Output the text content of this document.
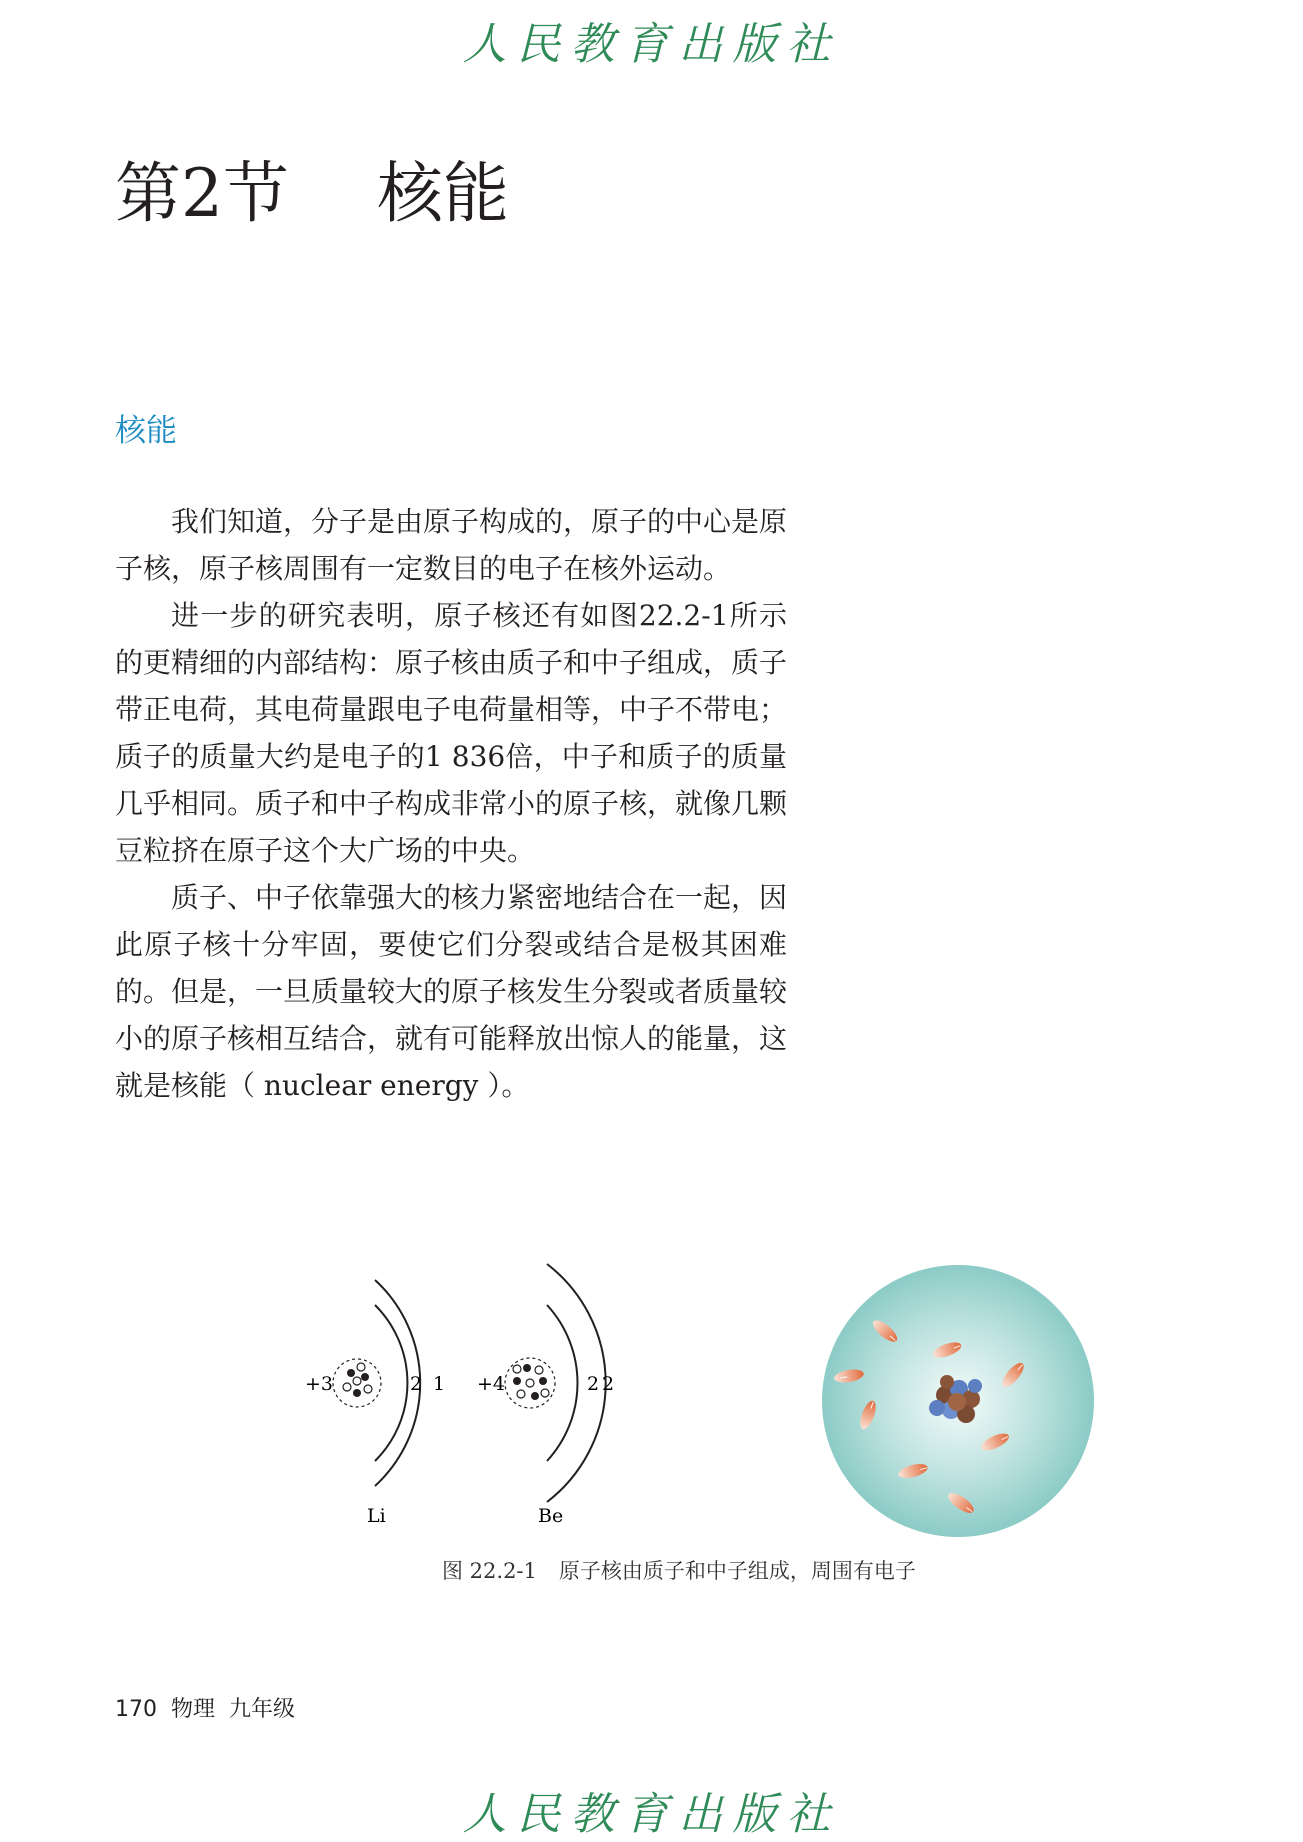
人民教育出版社
第2节 核能
核能

我们知道，分子是由原子构成的，原子的中心是原子核，原子核周围有一定数目的电子在核外运动。

进一步的研究表明，原子核还有如图22.2-1所示的更精细的内部结构：原子核由质子和中子组成，质子带正电荷，其电荷量跟电子电荷量相等，中子不带电；质子的质量大约是电子的1 836倍，中子和质子的质量几乎相同。质子和中子构成非常小的原子核，就像几颗豆粒挤在原子这个大广场的中央。

质子、中子依靠强大的核力紧密地结合在一起，因此原子核十分牢固，要使它们分裂或结合是极其困难的。但是，一旦质量较大的原子核发生分裂或者质量较小的原子核相互结合，就有可能释放出惊人的能量，这就是核能（ nuclear energy ）。

+3	2 1
Li
+4	2 2
Be
−
−
−
−
−
−
−
−
图 22.2-1 原子核由质子和中子组成，周围有电子
170 物理 九年级
人民教育出版社
